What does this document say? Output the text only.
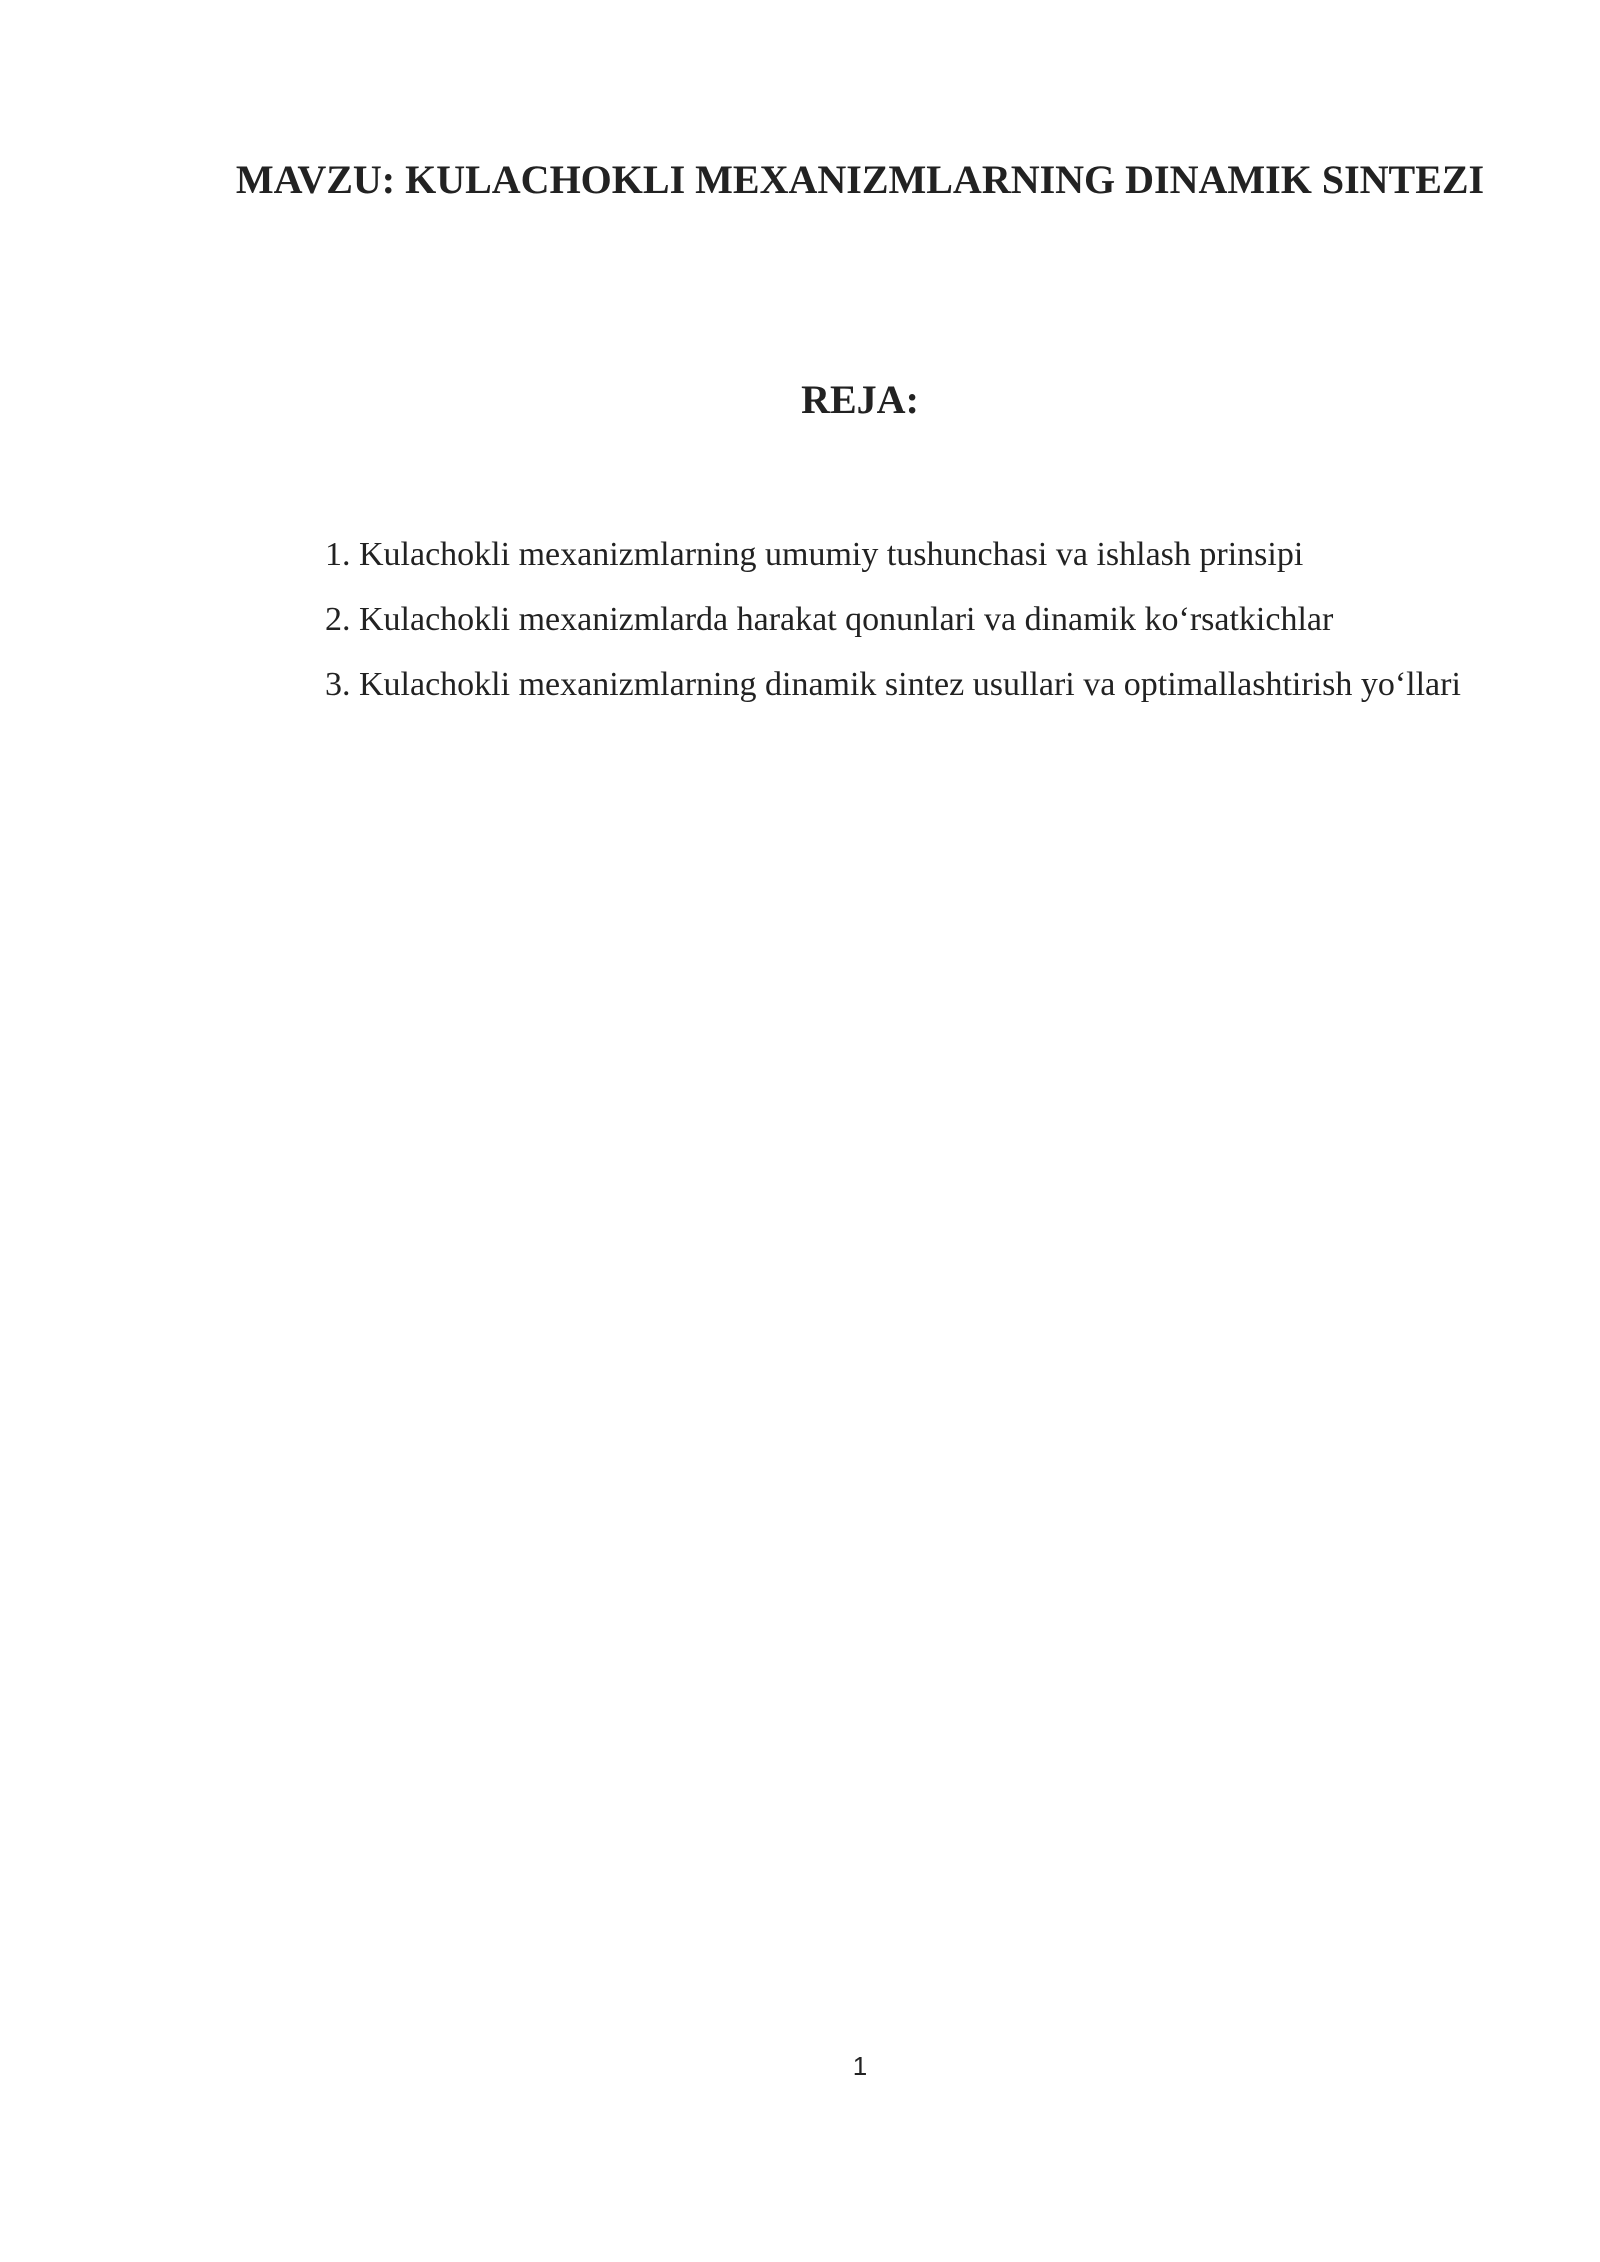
MAVZU: KULACHOKLI MEXANIZMLARNING DINAMIK SINTEZI
REJA:
1. Kulachokli mexanizmlarning umumiy tushunchasi va ishlash prinsipi
2. Kulachokli mexanizmlarda harakat qonunlari va dinamik koʻrsatkichlar
3. Kulachokli mexanizmlarning dinamik sintez usullari va optimallashtirish yoʻllari
1
